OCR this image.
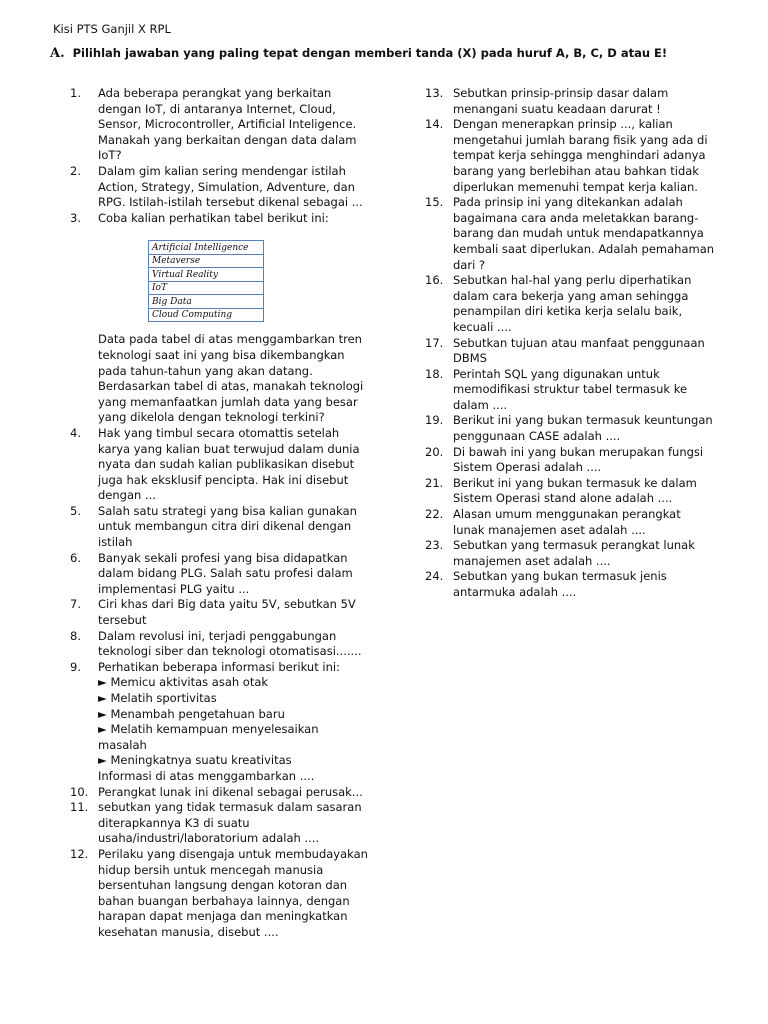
Kisi PTS Ganjil X RPL
A. Pilihlah jawaban yang paling tepat dengan memberi tanda (X) pada huruf A, B, C, D atau E!
1.	Ada beberapa perangkat yang berkaitan dengan IoT, di antaranya Internet, Cloud, Sensor, Microcontroller, Artificial Inteligence. Manakah yang berkaitan dengan data dalam IoT?
2.	Dalam gim kalian sering mendengar istilah Action, Strategy, Simulation, Adventure, dan RPG. Istilah-istilah tersebut dikenal sebagai ...
3.	Coba kalian perhatikan tabel berikut ini:
Artificial Intelligence
Metaverse
Virtual Reality
IoT
Big Data
Cloud Computing
Data pada tabel di atas menggambarkan tren teknologi saat ini yang bisa dikembangkan pada tahun-tahun yang akan datang. Berdasarkan tabel di atas, manakah teknologi yang memanfaatkan jumlah data yang besar yang dikelola dengan teknologi terkini?
4.	Hak yang timbul secara otomattis setelah karya yang kalian buat terwujud dalam dunia nyata dan sudah kalian publikasikan disebut juga hak eksklusif pencipta. Hak ini disebut dengan ...
5.	Salah satu strategi yang bisa kalian gunakan untuk membangun citra diri dikenal dengan istilah
6.	Banyak sekali profesi yang bisa didapatkan dalam bidang PLG. Salah satu profesi dalam implementasi PLG yaitu ...
7.	Ciri khas dari Big data yaitu 5V, sebutkan 5V tersebut
8.	Dalam revolusi ini, terjadi penggabungan teknologi siber dan teknologi otomatisasi.......
9.	Perhatikan beberapa informasi berikut ini:
► Memicu aktivitas asah otak
► Melatih sportivitas
► Menambah pengetahuan baru
► Melatih kemampuan menyelesaikan masalah
► Meningkatnya suatu kreativitas
Informasi di atas menggambarkan ....
10. Perangkat lunak ini dikenal sebagai perusak...
11. sebutkan yang tidak termasuk dalam sasaran diterapkannya K3 di suatu usaha/industri/laboratorium adalah ....
12. Perilaku yang disengaja untuk membudayakan hidup bersih untuk mencegah manusia bersentuhan langsung dengan kotoran dan bahan buangan berbahaya lainnya, dengan harapan dapat menjaga dan meningkatkan kesehatan manusia, disebut ....
13. Sebutkan prinsip-prinsip dasar dalam menangani suatu keadaan darurat !
14. Dengan menerapkan prinsip ..., kalian mengetahui jumlah barang fisik yang ada di tempat kerja sehingga menghindari adanya barang yang berlebihan atau bahkan tidak diperlukan memenuhi tempat kerja kalian.
15. Pada prinsip ini yang ditekankan adalah bagaimana cara anda meletakkan barang-barang dan mudah untuk mendapatkannya kembali saat diperlukan. Adalah pemahaman dari ?
16. Sebutkan hal-hal yang perlu diperhatikan dalam cara bekerja yang aman sehingga penampilan diri ketika kerja selalu baik, kecuali ....
17. Sebutkan tujuan atau manfaat penggunaan DBMS
18. Perintah SQL yang digunakan untuk memodifikasi struktur tabel termasuk ke dalam ....
19. Berikut ini yang bukan termasuk keuntungan penggunaan CASE adalah ....
20. Di bawah ini yang bukan merupakan fungsi Sistem Operasi adalah ....
21. Berikut ini yang bukan termasuk ke dalam Sistem Operasi stand alone adalah ....
22. Alasan umum menggunakan perangkat lunak manajemen aset adalah ....
23. Sebutkan yang termasuk perangkat lunak manajemen aset adalah ....
24. Sebutkan yang bukan termasuk jenis antarmuka adalah ....
